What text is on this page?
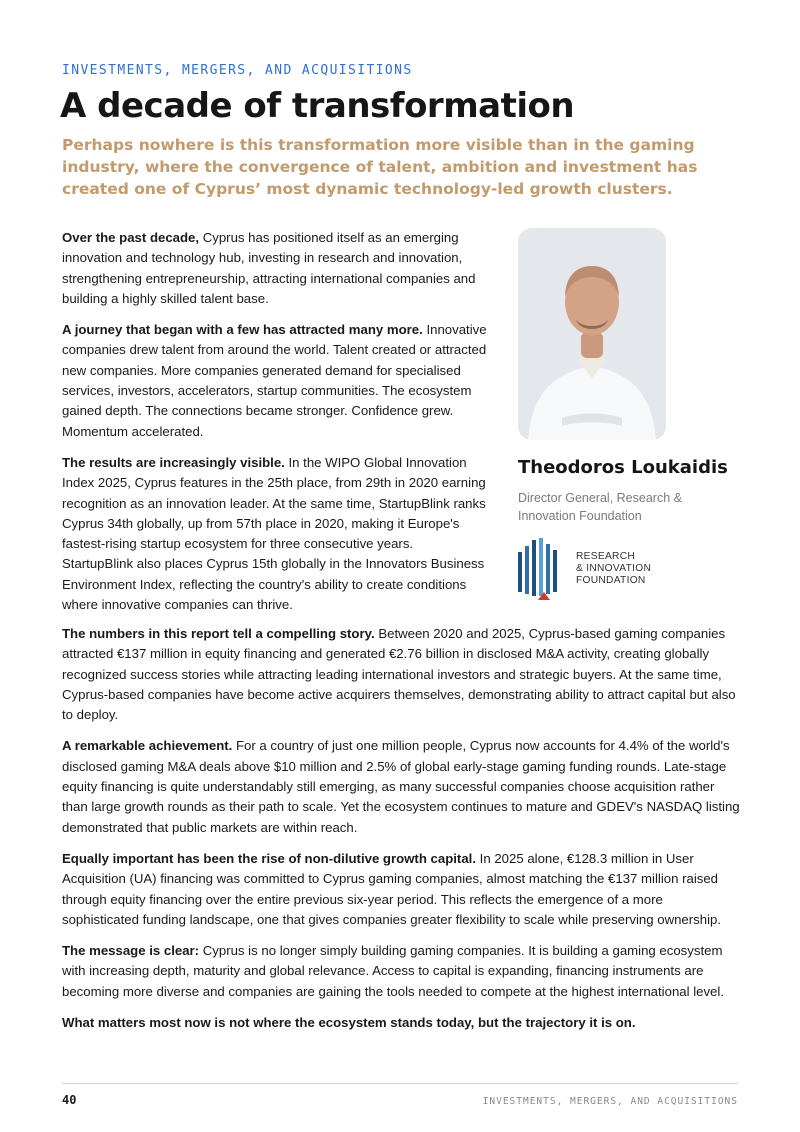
INVESTMENTS, MERGERS, AND ACQUISITIONS
A decade of transformation

Perhaps nowhere is this transformation more visible than in the gaming industry, where the convergence of talent, ambition and investment has created one of Cyprus’ most dynamic technology-led growth clusters.

Over the past decade, Cyprus has positioned itself as an emerging innovation and technology hub, investing in research and innovation, strengthening entrepreneurship, attracting international companies and building a highly skilled talent base.

A journey that began with a few has attracted many more. Innovative companies drew talent from around the world. Talent created or attracted new companies. More companies generated demand for specialised services, investors, accelerators, startup communities. The ecosystem gained depth. The connections became stronger. Confidence grew. Momentum accelerated.

The results are increasingly visible. In the WIPO Global Innovation Index 2025, Cyprus features in the 25th place, from 29th in 2020 earning recognition as an innovation leader. At the same time, StartupBlink ranks Cyprus 34th globally, up from 57th place in 2020, making it Europe's fastest-rising startup ecosystem for three consecutive years. StartupBlink also places Cyprus 15th globally in the Innovators Business Environment Index, reflecting the country's ability to create conditions where innovative companies can thrive.

Theodoros Loukaidis
Director General, Research & Innovation Foundation
RESEARCH
& INNOVATION
FOUNDATION

The numbers in this report tell a compelling story. Between 2020 and 2025, Cyprus-based gaming companies attracted €137 million in equity financing and generated €2.76 billion in disclosed M&A activity, creating globally recognized success stories while attracting leading international investors and strategic buyers. At the same time, Cyprus-based companies have become active acquirers themselves, demonstrating ability to attract capital but also to deploy.

A remarkable achievement. For a country of just one million people, Cyprus now accounts for 4.4% of the world's disclosed gaming M&A deals above $10 million and 2.5% of global early-stage gaming funding rounds. Late-stage equity financing is quite understandably still emerging, as many successful companies choose acquisition rather than large growth rounds as their path to scale. Yet the ecosystem continues to mature and GDEV's NASDAQ listing demonstrated that public markets are within reach.

Equally important has been the rise of non-dilutive growth capital. In 2025 alone, €128.3 million in User Acquisition (UA) financing was committed to Cyprus gaming companies, almost matching the €137 million raised through equity financing over the entire previous six-year period. This reflects the emergence of a more sophisticated funding landscape, one that gives companies greater flexibility to scale while preserving ownership.

The message is clear: Cyprus is no longer simply building gaming companies. It is building a gaming ecosystem with increasing depth, maturity and global relevance. Access to capital is expanding, financing instruments are becoming more diverse and companies are gaining the tools needed to compete at the highest international level.

What matters most now is not where the ecosystem stands today, but the trajectory it is on.

40	INVESTMENTS, MERGERS, AND ACQUISITIONS
